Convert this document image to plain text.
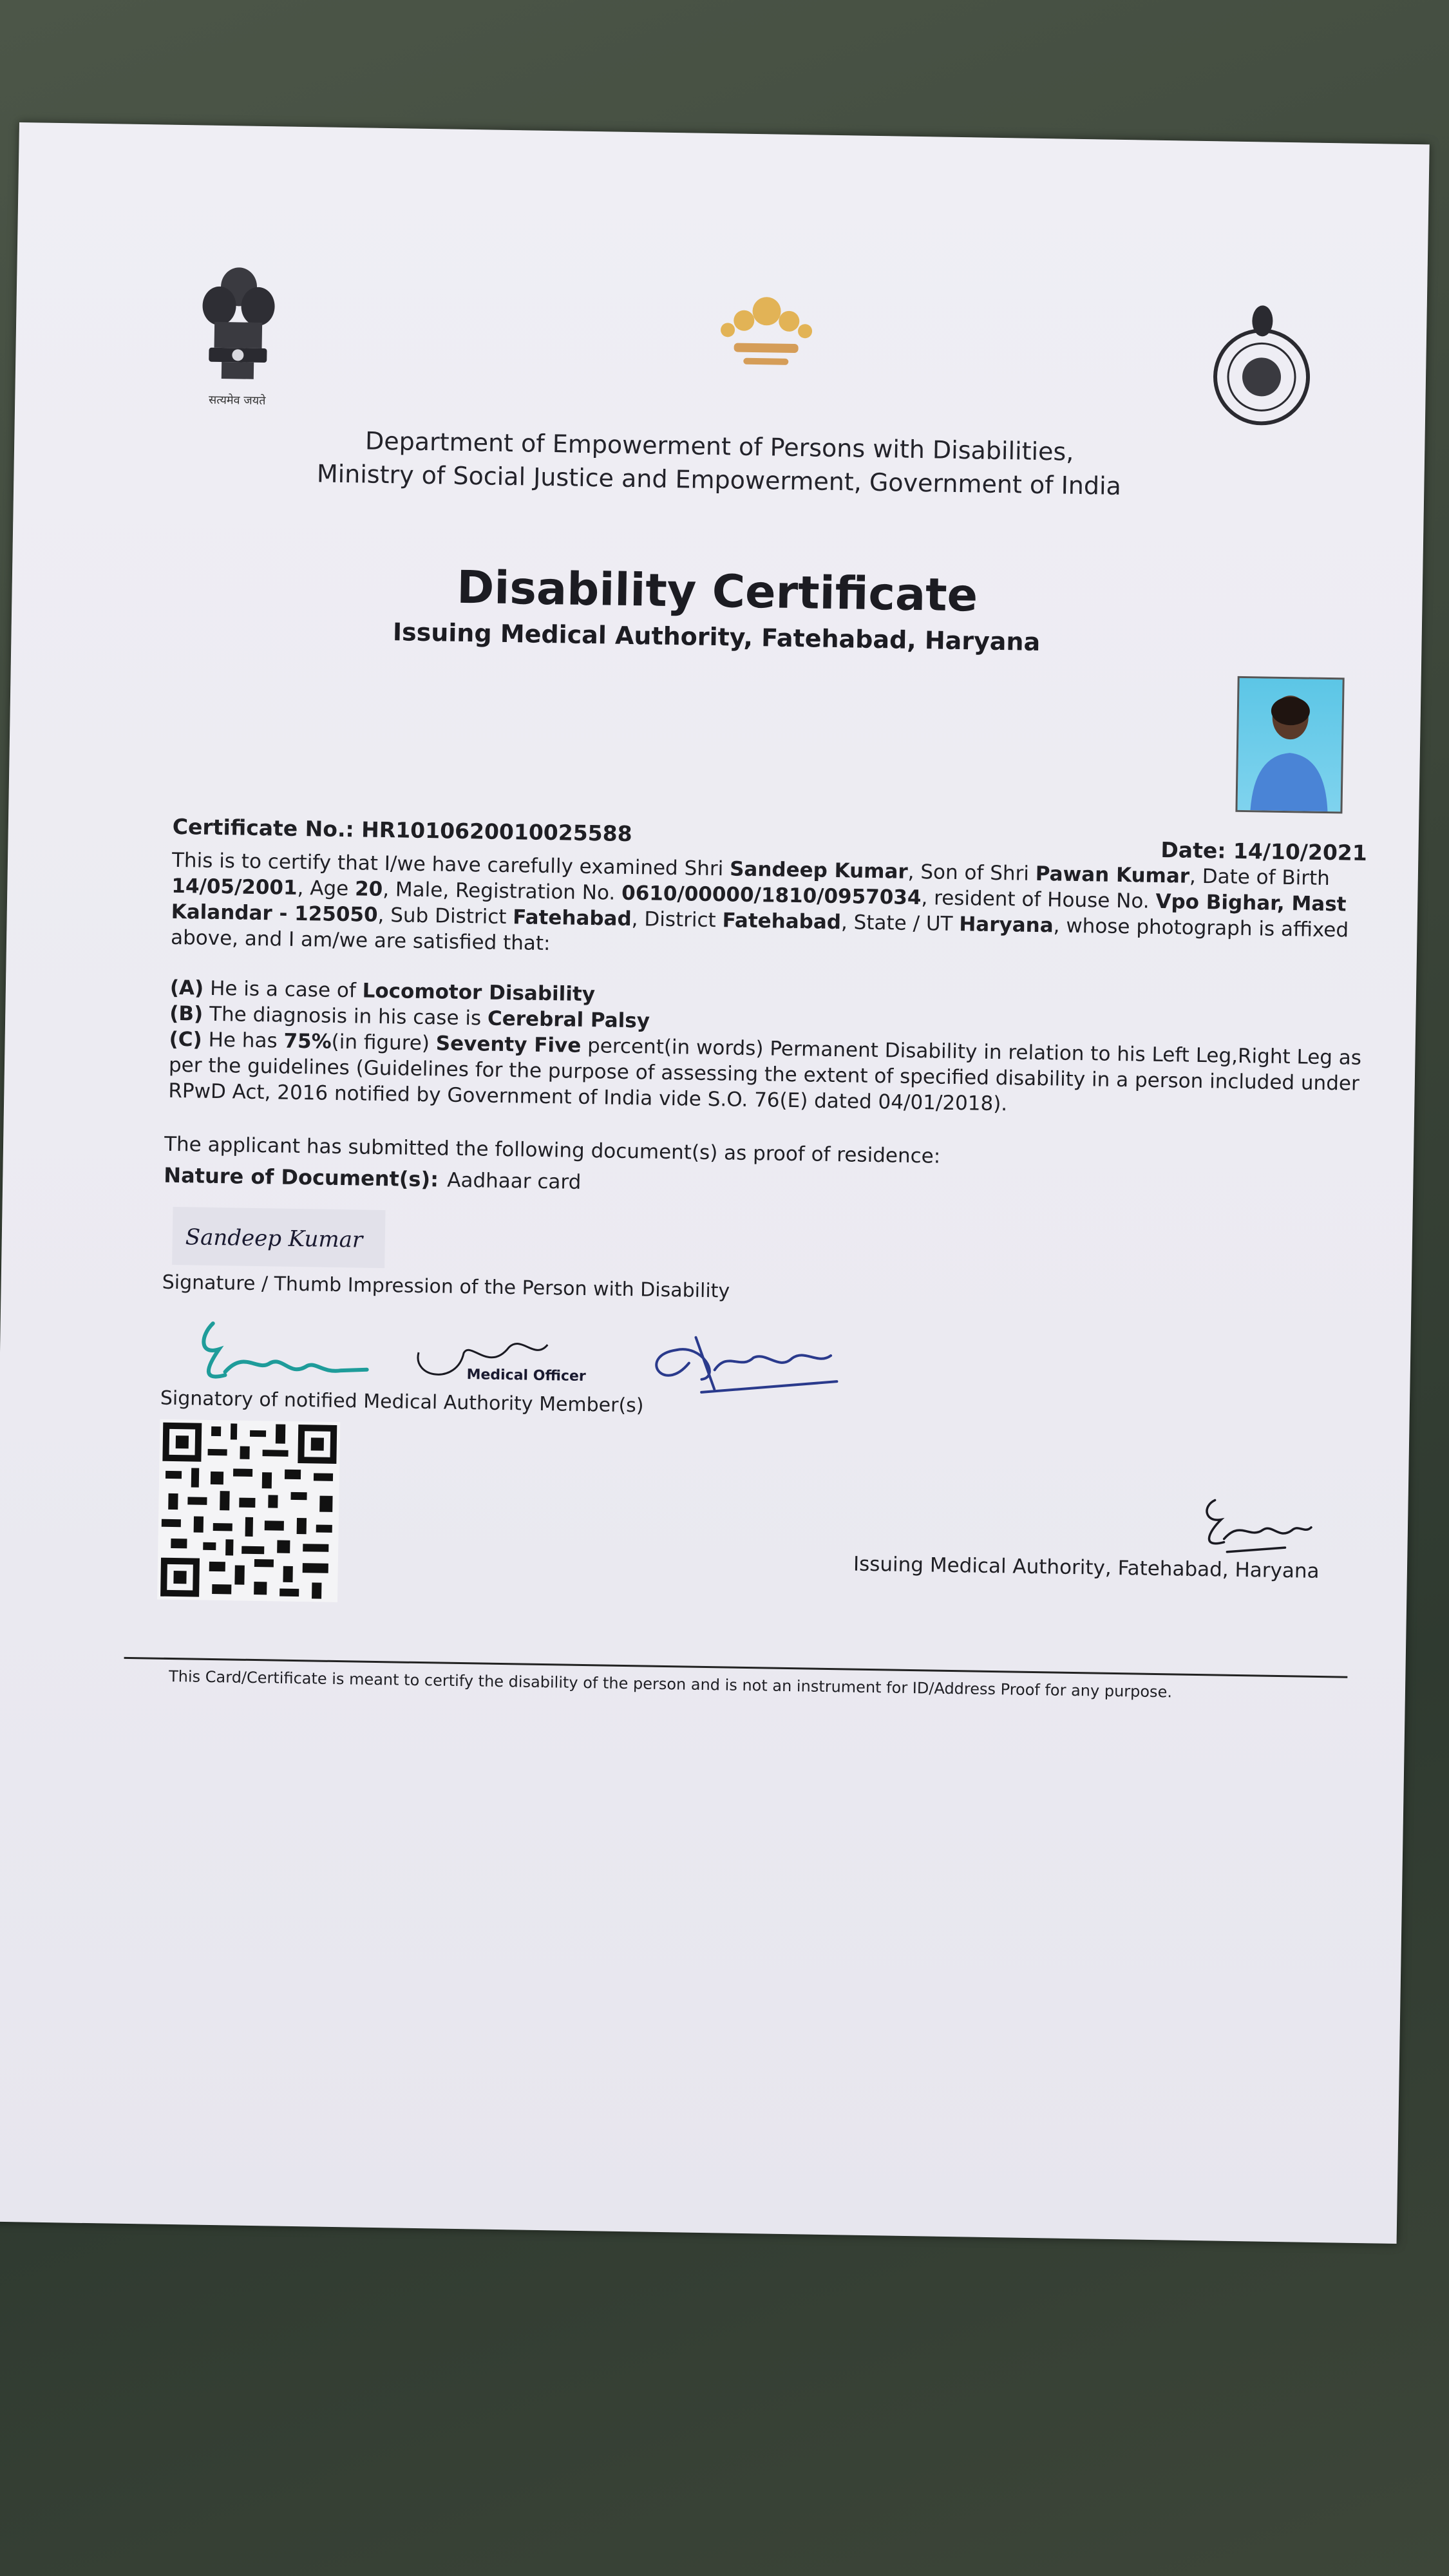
सत्यमेव जयते
Department of Empowerment of Persons with Disabilities,
Ministry of Social Justice and Empowerment, Government of India
Disability Certificate
Issuing Medical Authority, Fatehabad, Haryana
Certificate No.: HR1010620010025588
Date: 14/10/2021
This is to certify that I/we have carefully examined Shri Sandeep Kumar, Son of Shri Pawan Kumar, Date of Birth 14/05/2001, Age 20, Male, Registration No. 0610/00000/1810/0957034, resident of House No. Vpo Bighar, Mast Kalandar - 125050, Sub District Fatehabad, District Fatehabad, State / UT Haryana, whose photograph is affixed above, and I am/we are satisfied that:
(A) He is a case of Locomotor Disability
(B) The diagnosis in his case is Cerebral Palsy
(C) He has 75%(in figure) Seventy Five percent(in words) Permanent Disability in relation to his Left Leg,Right Leg as per the guidelines (Guidelines for the purpose of assessing the extent of specified disability in a person included under RPwD Act, 2016 notified by Government of India vide S.O. 76(E) dated 04/01/2018).
The applicant has submitted the following document(s) as proof of residence:
Nature of Document(s): Aadhaar card
Sandeep Kumar
Signature / Thumb Impression of the Person with Disability
Medical Officer
Signatory of notified Medical Authority Member(s)
Issuing Medical Authority, Fatehabad, Haryana
This Card/Certificate is meant to certify the disability of the person and is not an instrument for ID/Address Proof for any purpose.
